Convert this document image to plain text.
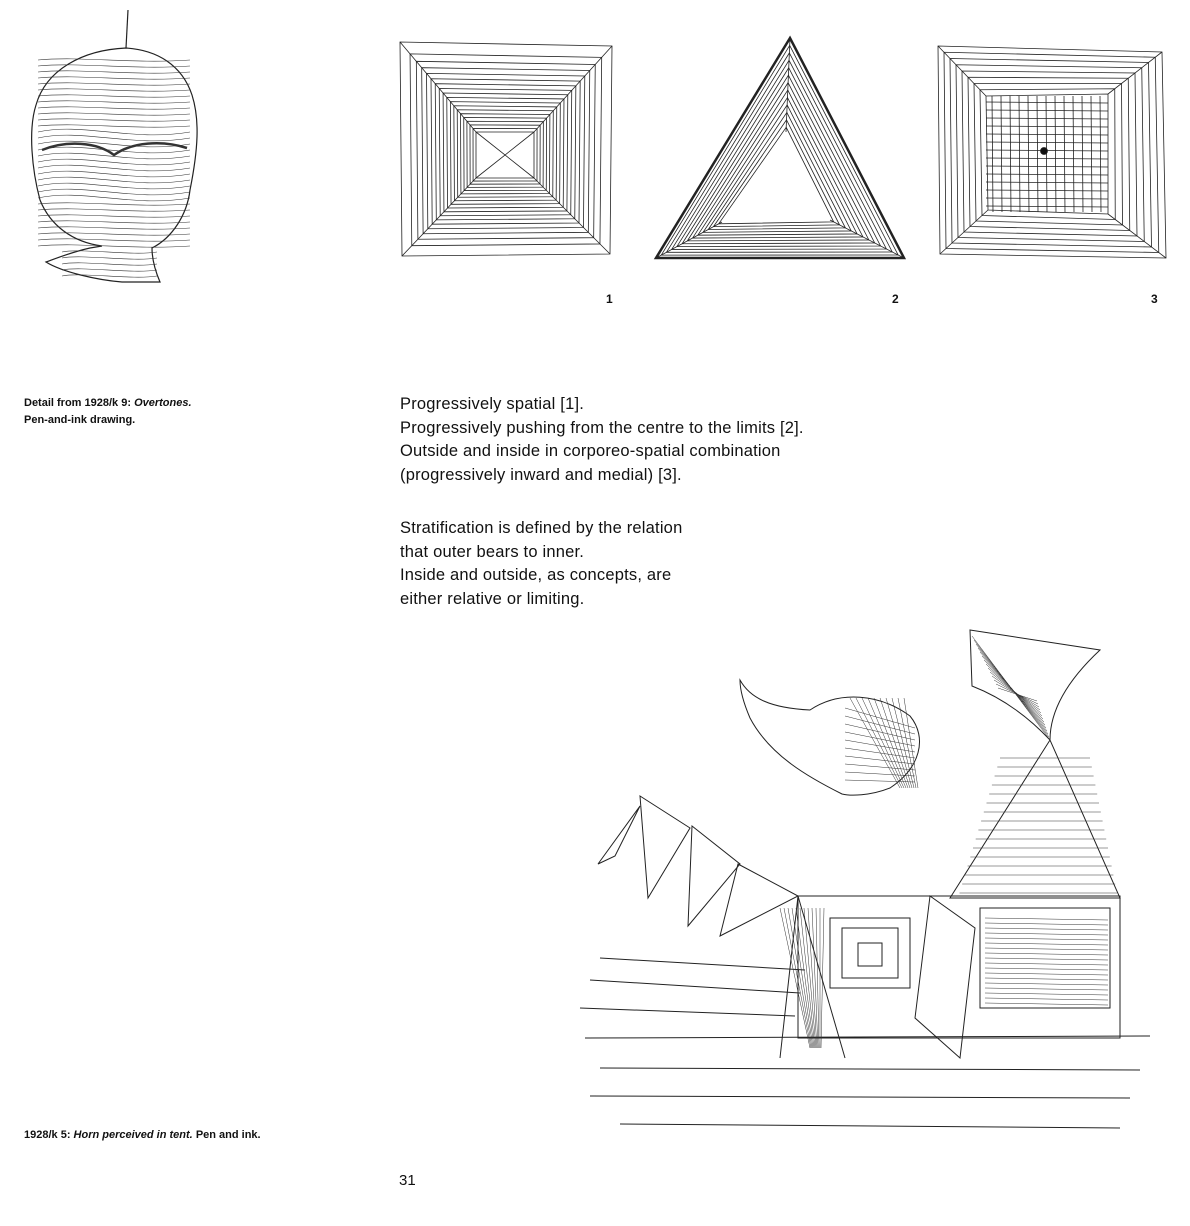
1	2	3
Detail from 1928/k 9: Overtones.
Pen-and-ink drawing.
Progressively spatial [1].
Progressively pushing from the centre to the limits [2].
Outside and inside in corporeo-spatial combination
(progressively inward and medial) [3].
Stratification is defined by the relation
that outer bears to inner.
Inside and outside, as concepts, are
either relative or limiting.
1928/k 5: Horn perceived in tent. Pen and ink.
31
